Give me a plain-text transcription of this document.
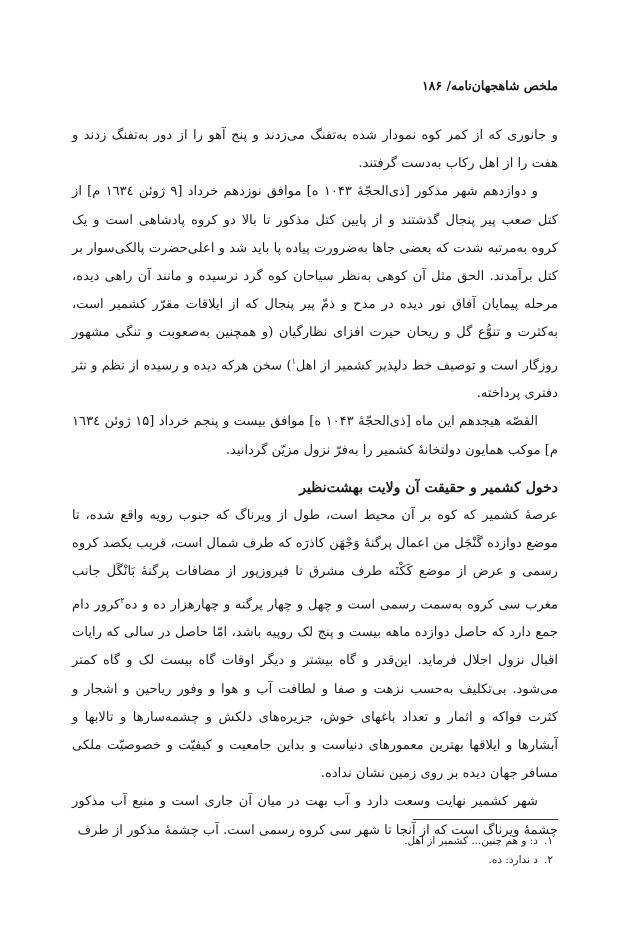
ملخص شاهجهان‌نامه/ ۱۸۶

و جانوری که از کمر کوه نمودار شده به‌تفنگ می‌زدند و پنج آهو را از دور به‌تفنگ زدند و هفت را از اهل رکاب به‌دست گرفتند.

و دوازدهم شهر مذکور [ذی‌الحجّهٔ ۱۰۴۳ ه] موافق نوزدهم خرداد [۹ ژوئن ١٦٣٤ م] از کتل صعب پیر پنجال گذشتند و از پایین کتل مذکور تا بالا دو کروه پادشاهی است و یک کروه به‌مرتبه شدت که بعضی جاها به‌ضرورت پیاده پا باید شد و اعلی‌حضرت پالکی‌سوار بر کتل برآمدند. الحق مثل آن کوهی به‌نظر سیاحان کوه گرد نرسیده و مانند آن راهی دیده، مرحله پیمایان آفاق نور دیده در مدح و ذمّ پیر پنجال که از ایلاقات مقرّر کشمیر است، به‌کثرت و تنوُّع گل و ریحان حیرت افزای نظارگیان (و همچنین به‌صعوبت و تنگی مشهور روزگار است و توصیف خط دلپذیر کشمیر از اهل$^۱$) سخن هرکه دیده و رسیده از نظم و نثر دفتری پرداخته.

القصّه هیجدهم این ماه [ذی‌الحجّهٔ ۱۰۴۳ ه] موافق بیست و پنجم خرداد [۱۵ ژوئن ١٦٣٤ م] موکب همایون دولتخانهٔ کشمیر را به‌فرّ نزول مزیّن گردانید.

دخول کشمیر و حقیقت آن ولایت بهشت‌نظیر

عرصهٔ کشمیر که کوه بر آن محیط است، طول از ویرناگ که جنوب رویه واقع شده، تا موضع دوازده گَنْجَل من اعمال پرگنهٔ وَجْهَن کاذرَه که طرف شمال است، قریب یکصد کروه رسمی و عرض از موضع کَکْنَه طرف مشرق تا فیروزپور از مضافات پرگنهٔ بَانْگَل جانب مغرب سی کروه به‌سمت رسمی است و چهل و چهار پرگنه و چهارهزار ده و ده$^۲$کرور دام جمع دارد که حاصل دوازده ماهه بیست و پنج لک روپیه باشد، امّا حاصل در سالی که رایات اقبال نزول اجلال فرماید. این‌قدر و گاه بیشتر و دیگر اوقات گاه بیست لک و گاه کمتر می‌شود. بی‌تکلیف به‌حسب نزهت و صفا و لطافت آب و هوا و وفور ریاحین و اشجار و کثرت فواکه و اثمار و تعداد باغهای خوش، جزیره‌های دلکش و چشمه‌سارها و تالابها و آبشارها و ایلاقها بهترین معمورهای دنیاست و بداین جامعیت و کیفیّت و خصوصیّت ملکی مسافر جهان دیده بر روی زمین نشان نداده.

شهر کشمیر نهایت وسعت دارد و آب بهت در میان آن جاری است و منبع آب مذکور چشمهٔ ویرناگ است که از آنجا تا شهر سی کروه رسمی است. آب چشمهٔ مذکور از طرف

۱.
د: و هم چنین... کشمیر از اهل.
۲.
د ندارد: ده.
